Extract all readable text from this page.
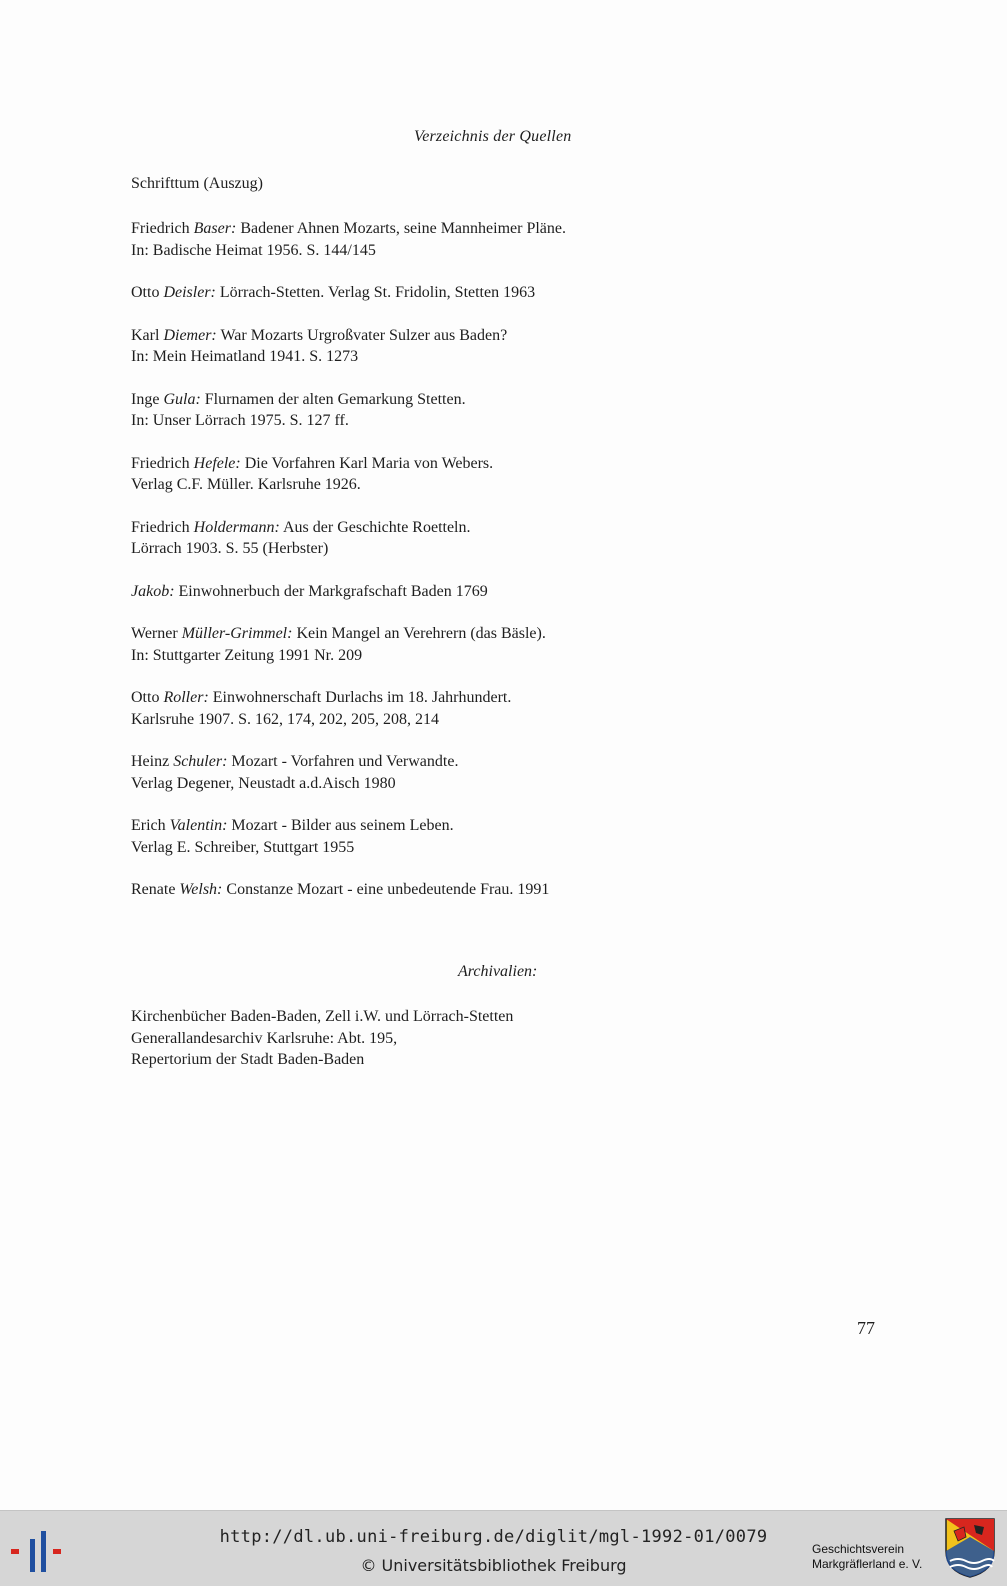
Verzeichnis der Quellen
Schrifttum (Auszug)
Friedrich Baser: Badener Ahnen Mozarts, seine Mannheimer Pläne.
In: Badische Heimat 1956. S. 144/145
Otto Deisler: Lörrach-Stetten. Verlag St. Fridolin, Stetten 1963
Karl Diemer: War Mozarts Urgroßvater Sulzer aus Baden?
In: Mein Heimatland 1941. S. 1273
Inge Gula: Flurnamen der alten Gemarkung Stetten.
In: Unser Lörrach 1975. S. 127 ff.
Friedrich Hefele: Die Vorfahren Karl Maria von Webers.
Verlag C.F. Müller. Karlsruhe 1926.
Friedrich Holdermann: Aus der Geschichte Roetteln.
Lörrach 1903. S. 55 (Herbster)
Jakob: Einwohnerbuch der Markgrafschaft Baden 1769
Werner Müller-Grimmel: Kein Mangel an Verehrern (das Bäsle).
In: Stuttgarter Zeitung 1991 Nr. 209
Otto Roller: Einwohnerschaft Durlachs im 18. Jahrhundert.
Karlsruhe 1907. S. 162, 174, 202, 205, 208, 214
Heinz Schuler: Mozart - Vorfahren und Verwandte.
Verlag Degener, Neustadt a.d.Aisch 1980
Erich Valentin: Mozart - Bilder aus seinem Leben.
Verlag E. Schreiber, Stuttgart 1955
Renate Welsh: Constanze Mozart - eine unbedeutende Frau. 1991
Archivalien:
Kirchenbücher Baden-Baden, Zell i.W. und Lörrach-Stetten
Generallandesarchiv Karlsruhe: Abt. 195,
Repertorium der Stadt Baden-Baden
77
http://dl.ub.uni-freiburg.de/diglit/mgl-1992-01/0079
© Universitätsbibliothek Freiburg
Geschichtsverein
Markgräflerland e. V.
